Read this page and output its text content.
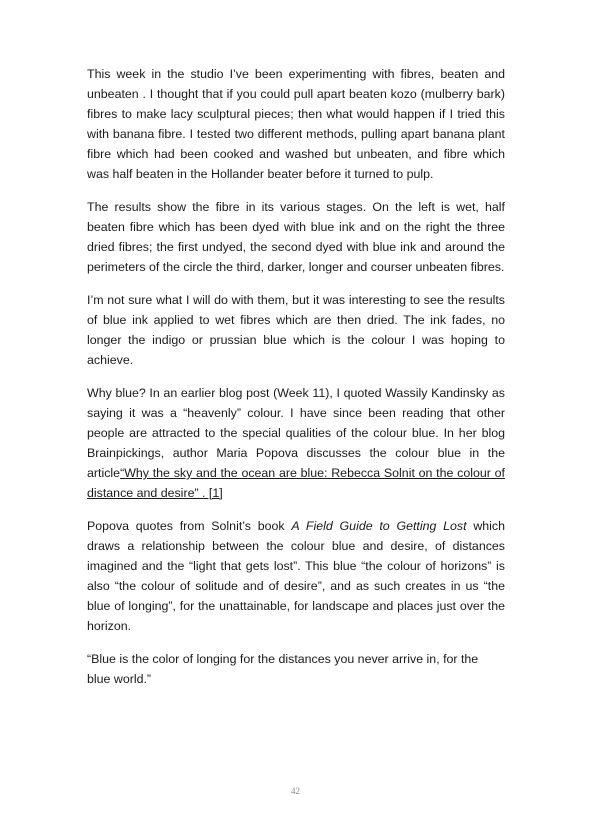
This week in the studio I’ve been experimenting with fibres, beaten and unbeaten . I thought that if you could pull apart beaten kozo (mulberry bark) fibres to make lacy sculptural pieces; then what would happen if I tried this with banana fibre. I tested two different methods, pulling apart banana plant fibre which had been cooked and washed but unbeaten, and fibre which was half beaten in the Hollander beater before it turned to pulp.

The results show the fibre in its various stages. On the left is wet, half beaten fibre which has been dyed with blue ink and on the right the three dried fibres; the first undyed, the second dyed with blue ink and around the perimeters of the circle the third, darker, longer and courser unbeaten fibres.

I’m not sure what I will do with them, but it was interesting to see the results of blue ink applied to wet fibres which are then dried. The ink fades, no longer the indigo or prussian blue which is the colour I was hoping to achieve.

Why blue? In an earlier blog post (Week 11), I quoted Wassily Kandinsky as saying it was a “heavenly” colour. I have since been reading that other people are attracted to the special qualities of the colour blue. In her blog Brainpickings, author Maria Popova discusses the colour blue in the article“Why the sky and the ocean are blue: Rebecca Solnit on the colour of distance and desire” . [1]

Popova quotes from Solnit’s book A Field Guide to Getting Lost which draws a relationship between the colour blue and desire, of distances imagined and the “light that gets lost”. This blue “the colour of horizons” is also “the colour of solitude and of desire”, and as such creates in us “the blue of longing”, for the unattainable, for landscape and places just over the horizon.

“Blue is the color of longing for the distances you never arrive in, for the blue world.”

42
